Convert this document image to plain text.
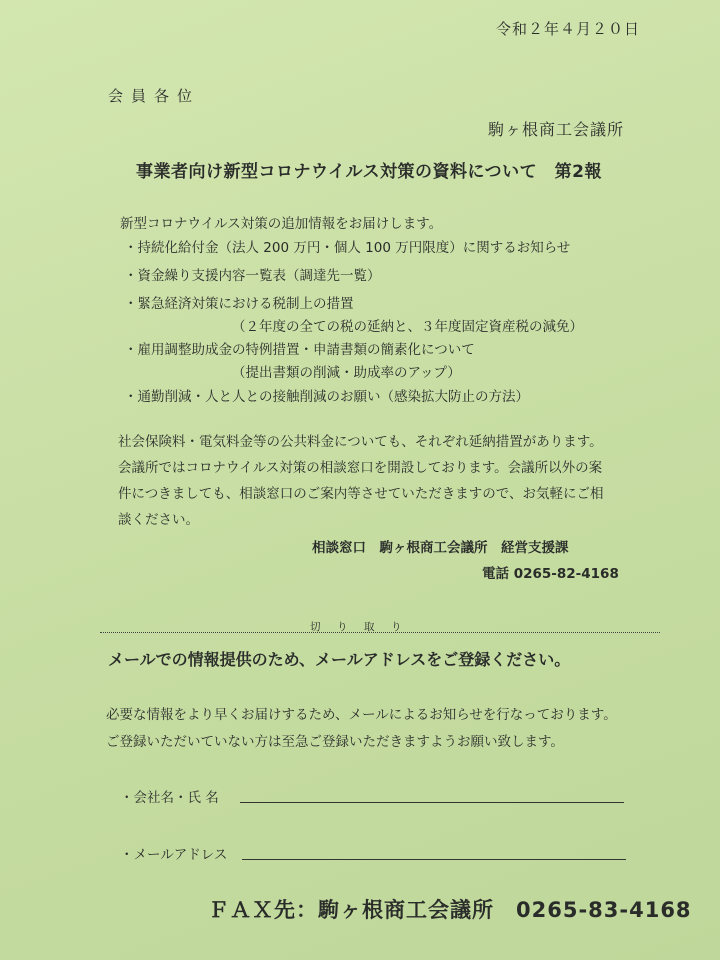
令和２年４月２０日
会員各位
駒ヶ根商工会議所
事業者向け新型コロナウイルス対策の資料について　第2報
新型コロナウイルス対策の追加情報をお届けします。
・持続化給付金（法人 200 万円・個人 100 万円限度）に関するお知らせ
・資金繰り支援内容一覧表（調達先一覧）
・緊急経済対策における税制上の措置
（２年度の全ての税の延納と、３年度固定資産税の減免）
・雇用調整助成金の特例措置・申請書類の簡素化について
（提出書類の削減・助成率のアップ）
・通勤削減・人と人との接触削減のお願い（感染拡大防止の方法）
社会保険料・電気料金等の公共料金についても、それぞれ延納措置があります。
会議所ではコロナウイルス対策の相談窓口を開設しております。会議所以外の案
件につきましても、相談窓口のご案内等させていただきますので、お気軽にご相
談ください。
相談窓口　駒ヶ根商工会議所　経営支援課
電話 0265-82-4168
切　り　取　り
メールでの情報提供のため、メールアドレスをご登録ください。
必要な情報をより早くお届けするため、メールによるお知らせを行なっております。
ご登録いただいていない方は至急ご登録いただきますようお願い致します。
・会社名・氏 名
・メールアドレス
ＦＡＸ先：駒ヶ根商工会議所　0265-83-4168
